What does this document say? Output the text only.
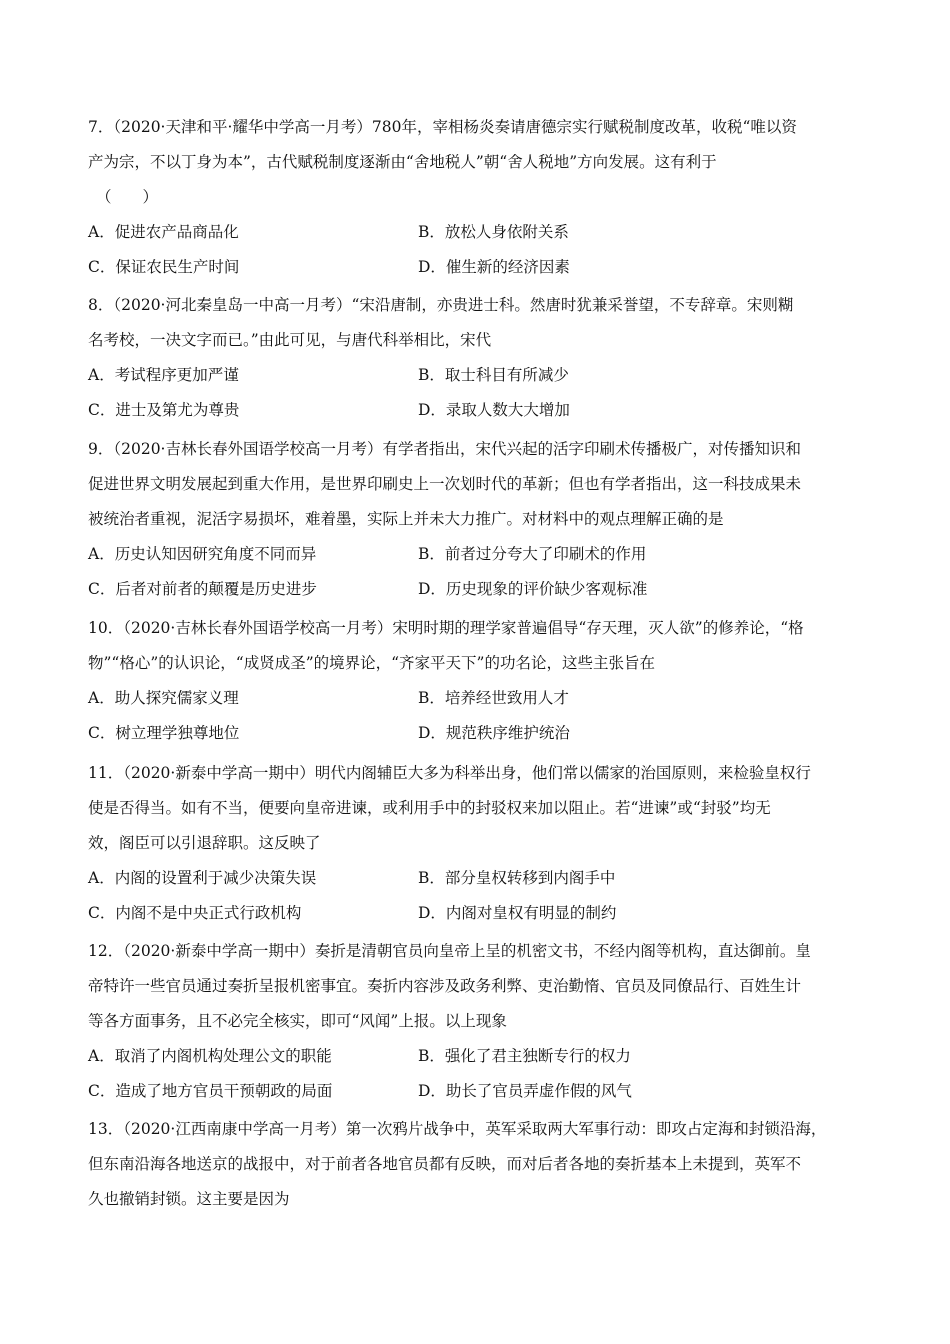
7．（2020·天津和平·耀华中学高一月考）780年，宰相杨炎奏请唐德宗实行赋税制度改革，收税“唯以资
产为宗，不以丁身为本”，古代赋税制度逐渐由“舍地税人”朝“舍人税地”方向发展。这有利于
（　　）
A．促进农产品商品化	B．放松人身依附关系
C．保证农民生产时间	D．催生新的经济因素
8．（2020·河北秦皇岛一中高一月考）“宋沿唐制，亦贵进士科。然唐时犹兼采誉望，不专辞章。宋则糊
名考校，一决文字而已。”由此可见，与唐代科举相比，宋代
A．考试程序更加严谨	B．取士科目有所减少
C．进士及第尤为尊贵	D．录取人数大大增加
9．（2020·吉林长春外国语学校高一月考）有学者指出，宋代兴起的活字印刷术传播极广，对传播知识和
促进世界文明发展起到重大作用，是世界印刷史上一次划时代的革新；但也有学者指出，这一科技成果未
被统治者重视，泥活字易损坏，难着墨，实际上并未大力推广。对材料中的观点理解正确的是
A．历史认知因研究角度不同而异	B．前者过分夸大了印刷术的作用
C．后者对前者的颠覆是历史进步	D．历史现象的评价缺少客观标准
10．（2020·吉林长春外国语学校高一月考）宋明时期的理学家普遍倡导“存天理，灭人欲”的修养论，“格
物”“格心”的认识论，“成贤成圣”的境界论，“齐家平天下”的功名论，这些主张旨在
A．助人探究儒家义理	B．培养经世致用人才
C．树立理学独尊地位	D．规范秩序维护统治
11．（2020·新泰中学高一期中）明代内阁辅臣大多为科举出身，他们常以儒家的治国原则，来检验皇权行
使是否得当。如有不当，便要向皇帝进谏，或利用手中的封驳权来加以阻止。若“进谏”或“封驳”均无
效，阁臣可以引退辞职。这反映了
A．内阁的设置利于减少决策失误	B．部分皇权转移到内阁手中
C．内阁不是中央正式行政机构	D．内阁对皇权有明显的制约
12．（2020·新泰中学高一期中）奏折是清朝官员向皇帝上呈的机密文书，不经内阁等机构，直达御前。皇
帝特许一些官员通过奏折呈报机密事宜。奏折内容涉及政务利弊、吏治勤惰、官员及同僚品行、百姓生计
等各方面事务，且不必完全核实，即可“风闻”上报。以上现象
A．取消了内阁机构处理公文的职能	B．强化了君主独断专行的权力
C．造成了地方官员干预朝政的局面	D．助长了官员弄虚作假的风气
13．（2020·江西南康中学高一月考）第一次鸦片战争中，英军采取两大军事行动：即攻占定海和封锁沿海，
但东南沿海各地送京的战报中，对于前者各地官员都有反映，而对后者各地的奏折基本上未提到，英军不
久也撤销封锁。这主要是因为
